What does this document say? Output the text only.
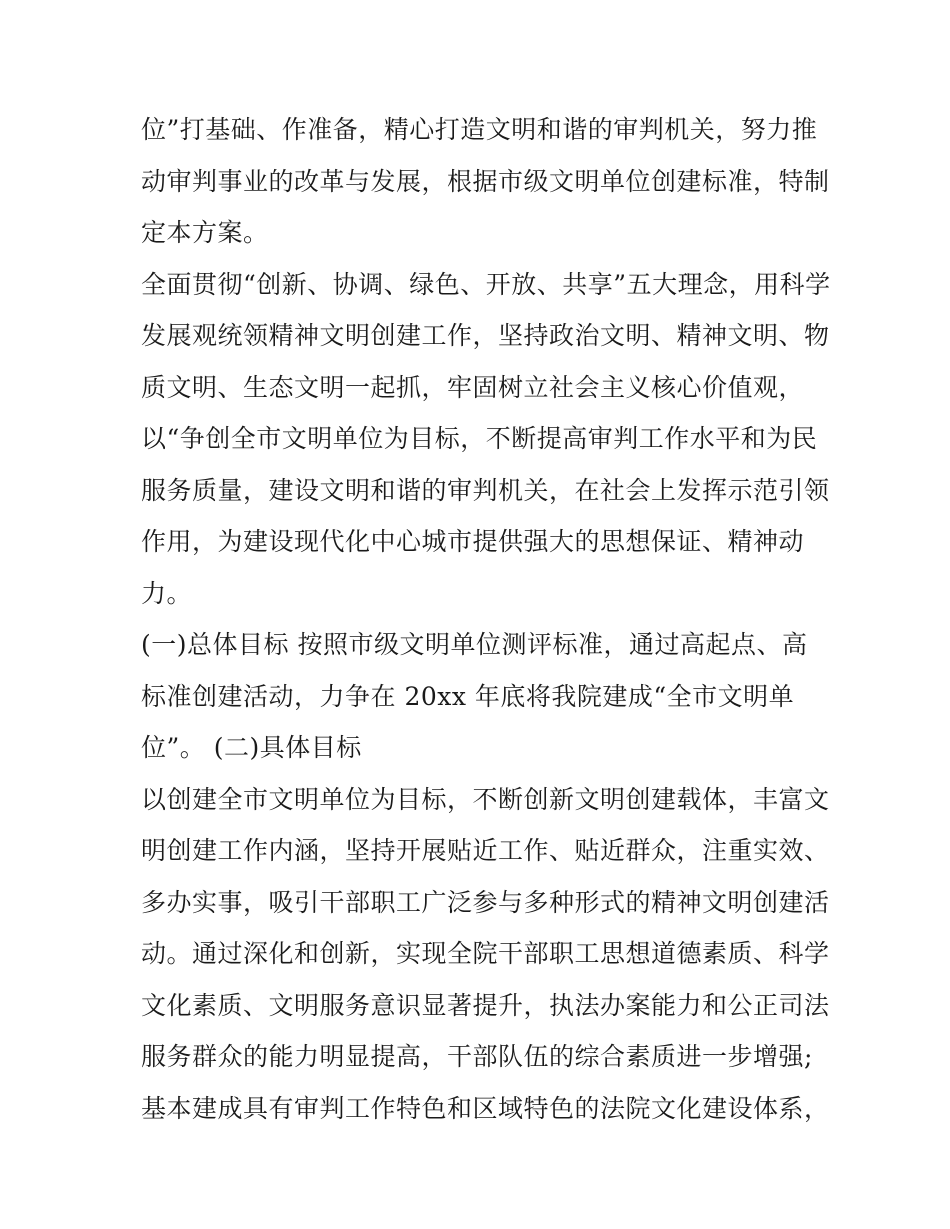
位”打基础、作准备，精心打造文明和谐的审判机关，努力推
动审判事业的改革与发展，根据市级文明单位创建标准，特制
定本方案。
全面贯彻“创新、协调、绿色、开放、共享”五大理念，用科学
发展观统领精神文明创建工作，坚持政治文明、精神文明、物
质文明、生态文明一起抓，牢固树立社会主义核心价值观，
以“争创全市文明单位为目标，不断提高审判工作水平和为民
服务质量，建设文明和谐的审判机关，在社会上发挥示范引领
作用，为建设现代化中心城市提供强大的思想保证、精神动
力。
(一)总体目标 按照市级文明单位测评标准，通过高起点、高
标准创建活动，力争在 20xx 年底将我院建成“全市文明单
位”。 (二)具体目标
以创建全市文明单位为目标，不断创新文明创建载体，丰富文
明创建工作内涵，坚持开展贴近工作、贴近群众，注重实效、
多办实事，吸引干部职工广泛参与多种形式的精神文明创建活
动。通过深化和创新，实现全院干部职工思想道德素质、科学
文化素质、文明服务意识显著提升，执法办案能力和公正司法
服务群众的能力明显提高，干部队伍的综合素质进一步增强;
基本建成具有审判工作特色和区域特色的法院文化建设体系，
